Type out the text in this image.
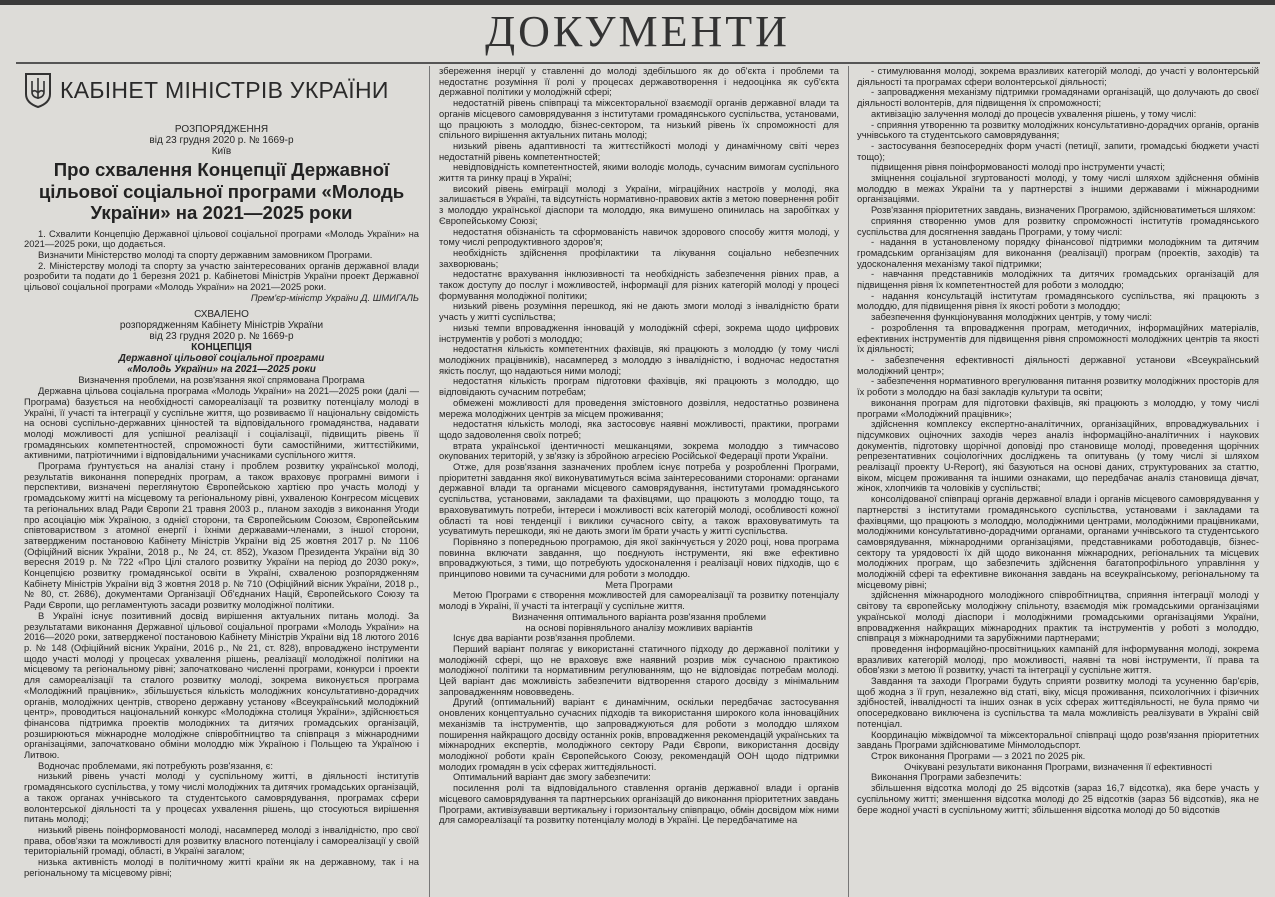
ДОКУМЕНТИ
КАБІНЕТ МІНІСТРІВ УКРАЇНИ
РОЗПОРЯДЖЕННЯ
від 23 грудня 2020 р. № 1669-р
Київ
Про схвалення Концепції Державної цільової соціальної програми «Молодь України» на 2021—2025 роки

1. Схвалити Концепцію Державної цільової соціальної програми «Молодь України» на 2021—2025 роки, що додається.

Визначити Міністерство молоді та спорту державним замовником Програми.

2. Міністерству молоді та спорту за участю заінтересованих органів державної влади розробити та подати до 1 березня 2021 р. Кабінетові Міністрів України проект Державної цільової соціальної програми «Молодь України» на 2021—2025 роки.

Прем'єр-міністр України Д. ШМИГАЛЬ

СХВАЛЕНО
розпорядженням Кабінету Міністрів України
від 23 грудня 2020 р. № 1669-р
КОНЦЕПЦІЯ
Державної цільової соціальної програми
«Молодь України» на 2021—2025 роки

Визначення проблеми, на розв'язання якої спрямована Програма

Державна цільова соціальна програма «Молодь України» на 2021—2025 роки (далі — Програма) базується на необхідності самореалізації та розвитку потенціалу молоді в Україні, її участі та інтеграції у суспільне життя, що розвиваємо її національну свідомість на основі суспільно-державних цінностей та відповідального громадянства, надавати молоді можливості для успішної реалізації і соціалізації, підвищить рівень її громадянських компетентностей, спроможності бути самостійними, життєстійкими, активними, патріотичними і відповідальними учасниками суспільного життя.

Програма ґрунтується на аналізі стану і проблем розвитку української молоді, результатів виконання попередніх програм, а також враховує програмні вимоги і перспективи, визначені переглянутою Європейською хартією про участь молоді у громадському житті на місцевому та регіональному рівні, ухваленою Конгресом місцевих та регіональних влад Ради Європи 21 травня 2003 р., планом заходів з виконання Угоди про асоціацію між Україною, з однієї сторони, та Європейським Союзом, Європейським співтовариством з атомної енергії і їхніми державами-членами, з іншої сторони, затвердженим постановою Кабінету Міністрів України від 25 жовтня 2017 р. № 1106 (Офіційний вісник України, 2018 р., № 24, ст. 852), Указом Президента України від 30 вересня 2019 р. № 722 «Про Цілі сталого розвитку України на період до 2030 року», Концепцією розвитку громадянської освіти в Україні, схваленою розпорядженням Кабінету Міністрів України від 3 жовтня 2018 р. № 710 (Офіційний вісник України, 2018 р., № 80, ст. 2686), документами Організації Об'єднаних Націй, Європейського Союзу та Ради Європи, що регламентують засади розвитку молодіжної політики.

В Україні існує позитивний досвід вирішення актуальних питань молоді. За результатами виконання Державної цільової соціальної програми «Молодь України» на 2016—2020 роки, затвердженої постановою Кабінету Міністрів України від 18 лютого 2016 р. № 148 (Офіційний вісник України, 2016 р., № 21, ст. 828), впроваджено інструменти щодо участі молоді у процесах ухвалення рішень, реалізації молодіжної політики на місцевому та регіональному рівні; започатковано численні програми, конкурси і проекти для самореалізації та сталого розвитку молоді, зокрема виконується програма «Молодіжний працівник», збільшується кількість молодіжних консультативно-дорадчих органів, молодіжних центрів, створено державну установу «Всеукраїнський молодіжний центр», проводиться національний конкурс «Молодіжна столиця України», здійснюється фінансова підтримка проектів молодіжних та дитячих громадських організацій, розширюються міжнародне молодіжне співробітництво та співпраця з міжнародними організаціями, започатковано обміни молоддю між Україною і Польщею та Україною і Литвою.

Водночас проблемами, які потребують розв'язання, є:

низький рівень участі молоді у суспільному житті, в діяльності інститутів громадянського суспільства, у тому числі молодіжних та дитячих громадських організацій, а також органах учнівського та студентського самоврядування, програмах сфери волонтерської діяльності та у процесах ухвалення рішень, що стосуються вирішення питань молоді;

низький рівень поінформованості молоді, насамперед молоді з інвалідністю, про свої права, обов'язки та можливості для розвитку власного потенціалу і самореалізації у своїй територіальній громаді, області, в Україні загалом;

низька активність молоді в політичному житті країни як на державному, так і на регіональному та місцевому рівні;

збереження інерції у ставленні до молоді здебільшого як до об'єкта і проблеми та недостатнє розуміння її ролі у процесах державотворення і недооцінка як суб'єкта державної політики у молодіжній сфері;

недостатній рівень співпраці та міжсекторальної взаємодії органів державної влади та органів місцевого самоврядування з інститутами громадянського суспільства, установами, що працюють з молоддю, бізнес-сектором, та низький рівень їх спроможності для спільного вирішення актуальних питань молоді;

низький рівень адаптивності та життєстійкості молоді у динамічному світі через недостатній рівень компетентностей;

невідповідність компетентностей, якими володіє молодь, сучасним вимогам суспільного життя та ринку праці в Україні;

високий рівень еміграції молоді з України, міграційних настроїв у молоді, яка залишається в Україні, та відсутність нормативно-правових актів з метою повернення робіт з молоддю української діаспори та молоддю, яка вимушено опинилась на заробітках у Європейському Союзі;

недостатня обізнаність та сформованість навичок здорового способу життя молоді, у тому числі репродуктивного здоров'я;

необхідність здійснення профілактики та лікування соціально небезпечних захворювань;

недостатнє врахування інклюзивності та необхідність забезпечення рівних прав, а також доступу до послуг і можливостей, інформації для різних категорій молоді у процесі формування молодіжної політики;

низький рівень розуміння перешкод, які не дають змоги молоді з інвалідністю брати участь у житті суспільства;

низькі темпи впровадження інновацій у молодіжній сфері, зокрема щодо цифрових інструментів у роботі з молоддю;

недостатня кількість компетентних фахівців, які працюють з молоддю (у тому числі молодіжних працівників), насамперед з молоддю з інвалідністю, і водночас недостатня якість послуг, що надаються ними молоді;

недостатня кількість програм підготовки фахівців, які працюють з молоддю, що відповідають сучасним потребам;

обмежені можливості для проведення змістовного дозвілля, недостатньо розвинена мережа молодіжних центрів за місцем проживання;

недостатня кількість молоді, яка застосовує наявні можливості, практики, програми щодо задоволення своїх потреб;

втрата української ідентичності мешканцями, зокрема молоддю з тимчасово окупованих територій, у зв'язку із збройною агресією Російської Федерації проти України.

Отже, для розв'язання зазначених проблем існує потреба у розробленні Програми, пріоритетні завдання якої виконуватимуться всіма заінтересованими сторонами: органами державної влади та органами місцевого самоврядування, інститутами громадянського суспільства, установами, закладами та фахівцями, що працюють з молоддю тощо, та враховуватимуть потреби, інтереси і можливості всіх категорій молоді, особливості кожної області та нові тенденції і виклики сучасного світу, а також враховуватимуть та усуватимуть перешкоди, які не дають змоги їм брати участь у житті суспільства.

Порівняно з попередньою програмою, дія якої закінчується у 2020 році, нова програма повинна включати завдання, що поєднують інструменти, які вже ефективно впроваджуються, з тими, що потребують удосконалення і реалізації нових підходів, що є принципово новими та сучасними для роботи з молоддю.

Мета Програми

Метою Програми є створення можливостей для самореалізації та розвитку потенціалу молоді в Україні, її участі та інтеграції у суспільне життя.

Визначення оптимального варіанта розв'язання проблеми

на основі порівняльного аналізу можливих варіантів

Існує два варіанти розв'язання проблеми.

Перший варіант полягає у використанні статичного підходу до державної політики у молодіжній сфері, що не враховує вже наявний розрив між сучасною практикою молодіжної політики та нормативним регулюванням, що не відповідає потребам молоді. Цей варіант дає можливість забезпечити відтворення старого досвіду з мінімальним запровадженням нововведень.

Другий (оптимальний) варіант є динамічним, оскільки передбачає застосування оновлених концептуально сучасних підходів та використання широкого кола інноваційних механізмів та інструментів, що запроваджуються для роботи з молоддю шляхом поширення найкращого досвіду останніх років, впровадження рекомендацій українських та міжнародних експертів, молодіжного сектору Ради Європи, використання досвіду молодіжної роботи країн Європейського Союзу, рекомендацій ООН щодо підтримки молодих громадян в усіх сферах життєдіяльності.

Оптимальний варіант дає змогу забезпечити:

посилення ролі та відповідального ставлення органів державної влади і органів місцевого самоврядування та партнерських організацій до виконання пріоритетних завдань Програми, активізувавши вертикальну і горизонтальну співпрацю, обмін досвідом між ними для самореалізації та розвитку потенціалу молоді в Україні. Це передбачатиме на

- стимулювання молоді, зокрема вразливих категорій молоді, до участі у волонтерській діяльності та програмах сфери волонтерської діяльності;

- запровадження механізму підтримки громадянами організацій, що долучають до своєї діяльності волонтерів, для підвищення їх спроможності;

активізацію залучення молоді до процесів ухвалення рішень, у тому числі:

- сприяння утворенню та розвитку молодіжних консультативно-дорадчих органів, органів учнівського та студентського самоврядування;

- застосування безпосередніх форм участі (петиції, запити, громадські бюджети участі тощо);

підвищення рівня поінформованості молоді про інструменти участі;

зміцнення соціальної згуртованості молоді, у тому числі шляхом здійснення обмінів молоддю в межах України та у партнерстві з іншими державами і міжнародними організаціями.

Розв'язання пріоритетних завдань, визначених Програмою, здійснюватиметься шляхом:

сприяння створенню умов для розвитку спроможності інститутів громадянського суспільства для досягнення завдань Програми, у тому числі:

- надання в установленому порядку фінансової підтримки молодіжним та дитячим громадським організаціям для виконання (реалізації) програм (проектів, заходів) та удосконалення механізму такої підтримки;

- навчання представників молодіжних та дитячих громадських організацій для підвищення рівня їх компетентностей для роботи з молоддю;

- надання консультацій інститутам громадянського суспільства, які працюють з молоддю, для підвищення рівня їх якості роботи з молоддю;

забезпечення функціонування молодіжних центрів, у тому числі:

- розроблення та впровадження програм, методичних, інформаційних матеріалів, ефективних інструментів для підвищення рівня спроможності молодіжних центрів та якості їх діяльності;

- забезпечення ефективності діяльності державної установи «Всеукраїнський молодіжний центр»;

- забезпечення нормативного врегулювання питання розвитку молодіжних просторів для їх роботи з молоддю на базі закладів культури та освіти;

виконання програм для підготовки фахівців, які працюють з молоддю, у тому числі програми «Молодіжний працівник»;

здійснення комплексу експертно-аналітичних, організаційних, впроваджувальних і підсумкових оціночних заходів через аналіз інформаційно-аналітичних і наукових документів, підготовку щорічної доповіді про становище молоді, проведення щорічних репрезентативних соціологічних досліджень та опитувань (у тому числі зі шляхом реалізації проекту U-Report), які базуються на основі даних, структурованих за статтю, віком, місцем проживання та іншими ознаками, що передбачає аналіз становища дівчат, жінок, хлопчиків та чоловіків у суспільстві;

консолідованої співпраці органів державної влади і органів місцевого самоврядування у партнерстві з інститутами громадянського суспільства, установами і закладами та фахівцями, що працюють з молоддю, молодіжними центрами, молодіжними працівниками, молодіжними консультативно-дорадчими органами, органами учнівського та студентського самоврядування, міжнародними організаціями, представниками роботодавців, бізнес-сектору та урядовості їх дій щодо виконання міжнародних, регіональних та місцевих молодіжних програм, що забезпечить здійснення багатопрофільного управління у молодіжній сфері та ефективне виконання завдань на всеукраїнському, регіональному та місцевому рівні;

здійснення міжнародного молодіжного співробітництва, сприяння інтеграції молоді у світову та європейську молодіжну спільноту, взаємодія між громадськими організаціями української молоді діаспори і молодіжними громадськими організаціями України, впровадження найкращих міжнародних практик та інструментів у роботі з молоддю, співпраця з міжнародними та зарубіжними партнерами;

проведення інформаційно-просвітницьких кампаній для інформування молоді, зокрема вразливих категорій молоді, про можливості, наявні та нові інструменти, її права та обов'язки з метою її розвитку, участі та інтеграції у суспільне життя.

Завдання та заходи Програми будуть сприяти розвитку молоді та усуненню бар'єрів, щоб жодна з її груп, незалежно від статі, віку, місця проживання, психологічних і фізичних здібностей, інвалідності та інших ознак в усіх сферах життєдіяльності, не була прямо чи опосередковано виключена із суспільства та мала можливість реалізувати в Україні свій потенціал.

Координацію міжвідомчої та міжсекторальної співпраці щодо розв'язання пріоритетних завдань Програми здійснюватиме Мінмолодьспорт.

Строк виконання Програми — з 2021 по 2025 рік.

Очікувані результати виконання Програми, визначення її ефективності

Виконання Програми забезпечить:

збільшення відсотка молоді до 25 відсотків (зараз 16,7 відсотка), яка бере участь у суспільному житті; зменшення відсотка молоді до 25 відсотків (зараз 56 відсотків), яка не бере жодної участі в суспільному житті; збільшення відсотка молоді до 50 відсотків
